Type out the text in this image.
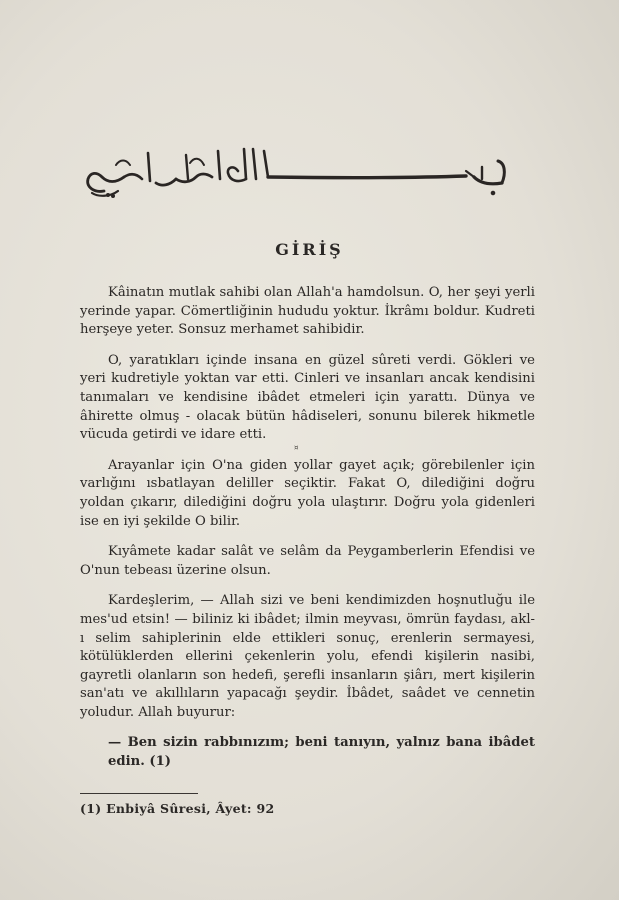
GİRİŞ

Kâinatın mutlak sahibi olan Allah'a hamdolsun. O, her şeyi yerli yerinde yapar. Cömertliğinin hududu yoktur. İkrâmı boldur. Kudreti herşeye yeter. Sonsuz merhamet sahibidir.

O, yaratıkları içinde insana en güzel sûreti verdi. Gökleri ve yeri kudretiyle yoktan var etti. Cinleri ve insanları ancak kendisini tanımaları ve kendisine ibâdet etmeleri için yarattı. Dünya ve âhirette olmuş - olacak bütün hâdiseleri, sonunu bilerek hikmetle vücuda getirdi ve idare etti.

Arayanlar için O'na giden yollar gayet açık; görebilenler için varlığını ısbatlayan deliller seçiktir. Fakat O, dilediğini doğru yoldan çıkarır, dilediğini doğru yola ulaştırır. Doğru yola gidenleri ise en iyi şekilde O bilir.

Kıyâmete kadar salât ve selâm da Peygamberlerin Efendisi ve O'nun tebeası üzerine olsun.

Kardeşlerim, — Allah sizi ve beni kendimizden hoşnutluğu ile mes'ud etsin! — biliniz ki ibâdet; ilmin meyvası, ömrün faydası, akl-ı selim sahiplerinin elde ettikleri sonuç, erenlerin sermayesi, kötülüklerden ellerini çekenlerin yolu, efendi kişilerin nasibi, gayretli olanların son hedefi, şerefli insanların şiârı, mert kişilerin san'atı ve akıllıların yapacağı şeydir. İbâdet, saâdet ve cennetin yoludur. Allah buyurur:

— Ben sizin rabbınızım; beni tanıyın, yalnız bana ibâdet edin. (1)

¤
(1) Enbiyâ Sûresi, Âyet: 92
